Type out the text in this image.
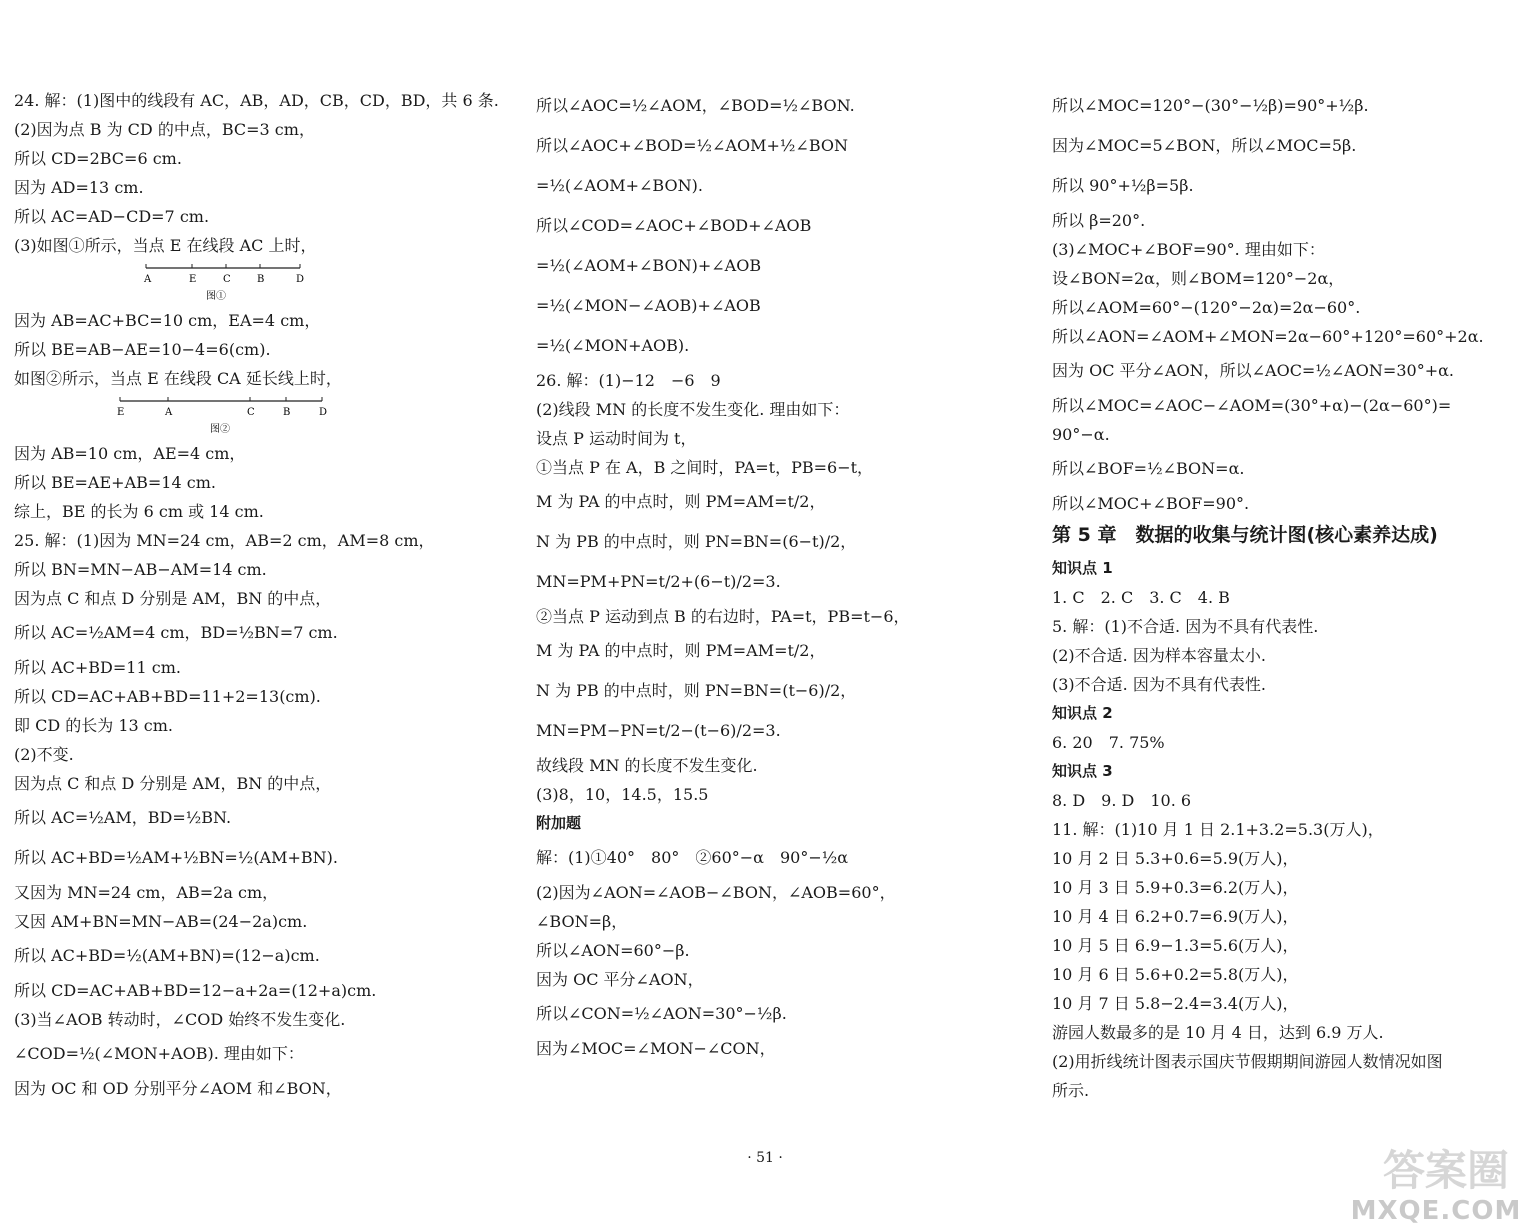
24. 解：(1)图中的线段有 AC，AB，AD，CB，CD，BD，共 6 条.
(2)因为点 B 为 CD 的中点，BC=3 cm，
所以 CD=2BC=6 cm.
因为 AD=13 cm.
所以 AC=AD−CD=7 cm.
(3)如图①所示，当点 E 在线段 AC 上时，
A	E	C	B	D
图①
因为 AB=AC+BC=10 cm，EA=4 cm，
所以 BE=AB−AE=10−4=6(cm).
如图②所示，当点 E 在线段 CA 延长线上时，
E	A	C	B	D
图②
因为 AB=10 cm，AE=4 cm，
所以 BE=AE+AB=14 cm.
综上，BE 的长为 6 cm 或 14 cm.
25. 解：(1)因为 MN=24 cm，AB=2 cm，AM=8 cm，
所以 BN=MN−AB−AM=14 cm.
因为点 C 和点 D 分别是 AM，BN 的中点，
所以 AC=½AM=4 cm，BD=½BN=7 cm.
所以 AC+BD=11 cm.
所以 CD=AC+AB+BD=11+2=13(cm).
即 CD 的长为 13 cm.
(2)不变.
因为点 C 和点 D 分别是 AM，BN 的中点，
所以 AC=½AM，BD=½BN.
所以 AC+BD=½AM+½BN=½(AM+BN).
又因为 MN=24 cm，AB=2a cm，
又因 AM+BN=MN−AB=(24−2a)cm.
所以 AC+BD=½(AM+BN)=(12−a)cm.
所以 CD=AC+AB+BD=12−a+2a=(12+a)cm.
(3)当∠AOB 转动时，∠COD 始终不发生变化.
∠COD=½(∠MON+AOB). 理由如下：
因为 OC 和 OD 分别平分∠AOM 和∠BON，
所以∠AOC=½∠AOM，∠BOD=½∠BON.
所以∠AOC+∠BOD=½∠AOM+½∠BON
=½(∠AOM+∠BON).
所以∠COD=∠AOC+∠BOD+∠AOB
=½(∠AOM+∠BON)+∠AOB
=½(∠MON−∠AOB)+∠AOB
=½(∠MON+AOB).
26. 解：(1)−12　−6　9
(2)线段 MN 的长度不发生变化. 理由如下：
设点 P 运动时间为 t，
①当点 P 在 A，B 之间时，PA=t，PB=6−t，
M 为 PA 的中点时，则 PM=AM=t/2，
N 为 PB 的中点时，则 PN=BN=(6−t)/2，
MN=PM+PN=t/2+(6−t)/2=3.
②当点 P 运动到点 B 的右边时，PA=t，PB=t−6，
M 为 PA 的中点时，则 PM=AM=t/2，
N 为 PB 的中点时，则 PN=BN=(t−6)/2，
MN=PM−PN=t/2−(t−6)/2=3.
故线段 MN 的长度不发生变化.
(3)8，10，14.5，15.5
附加题
解：(1)①40°　80°　②60°−α　90°−½α
(2)因为∠AON=∠AOB−∠BON，∠AOB=60°，
∠BON=β，
所以∠AON=60°−β.
因为 OC 平分∠AON，
所以∠CON=½∠AON=30°−½β.
因为∠MOC=∠MON−∠CON，
所以∠MOC=120°−(30°−½β)=90°+½β.
因为∠MOC=5∠BON，所以∠MOC=5β.
所以 90°+½β=5β.
所以 β=20°.
(3)∠MOC+∠BOF=90°. 理由如下：
设∠BON=2α，则∠BOM=120°−2α，
所以∠AOM=60°−(120°−2α)=2α−60°.
所以∠AON=∠AOM+∠MON=2α−60°+120°=60°+2α.
因为 OC 平分∠AON，所以∠AOC=½∠AON=30°+α.
所以∠MOC=∠AOC−∠AOM=(30°+α)−(2α−60°)=
90°−α.
所以∠BOF=½∠BON=α.
所以∠MOC+∠BOF=90°.
第 5 章　数据的收集与统计图(核心素养达成)
知识点 1
1. C　2. C　3. C　4. B
5. 解：(1)不合适. 因为不具有代表性.
(2)不合适. 因为样本容量太小.
(3)不合适. 因为不具有代表性.
知识点 2
6. 20　7. 75%
知识点 3
8. D　9. D　10. 6
11. 解：(1)10 月 1 日 2.1+3.2=5.3(万人)，
10 月 2 日 5.3+0.6=5.9(万人)，
10 月 3 日 5.9+0.3=6.2(万人)，
10 月 4 日 6.2+0.7=6.9(万人)，
10 月 5 日 6.9−1.3=5.6(万人)，
10 月 6 日 5.6+0.2=5.8(万人)，
10 月 7 日 5.8−2.4=3.4(万人)，
游园人数最多的是 10 月 4 日，达到 6.9 万人.
(2)用折线统计图表示国庆节假期期间游园人数情况如图
所示.
· 51 ·	答案圈
MXQE.COM
